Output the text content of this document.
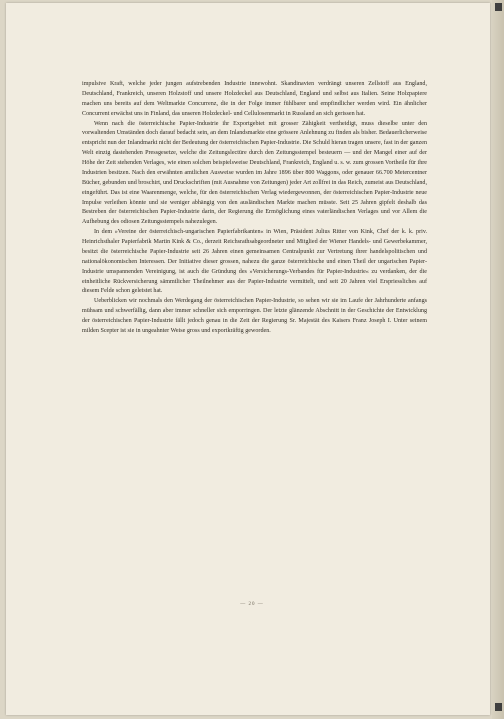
impulsive Kraft, welche jeder jungen aufstrebenden Industrie innewohnt. Skandinavien verdrängt unseren Zellstoff aus England, Deutschland, Frankreich, unseren Holzstoff und unsere Holzdeckel aus Deutschland, England und selbst aus Italien. Seine Holzpapiere machen uns bereits auf dem Weltmarkte Concurrenz, die in der Folge immer fühlbarer und empfindlicher werden wird. Ein ähnlicher Concurrent erwächst uns in Finland, das unseren Holzdeckel- und Cellulosenmarkt in Russland an sich gerissen hat.

Wenn nach die österreichische Papier-Industrie ihr Exportgebiet mit grosser Zähigkeit vertheidigt, muss dieselbe unter den vorwaltenden Umständen doch darauf bedacht sein, an dem Inlandsmarkte eine grössere Anlehnung zu finden als bisher. Bedauerlicherweise entspricht nun der Inlandmarkt nicht der Bedeutung der österreichischen Papier-Industrie. Die Schuld hieran tragen unsere, fast in der ganzen Welt einzig dastehenden Pressgesetze, welche die Zeitungslectüre durch den Zeitungsstempel besteuern — und der Mangel einer auf der Höhe der Zeit stehenden Verlages, wie einen solchen beispielsweise Deutschland, Frankreich, England u. s. w. zum grossen Vortheile für ihre Industrien besitzen. Nach den erwähnten amtlichen Ausweise wurden im Jahre 1896 über 800 Waggons, oder genauer 66.700 Metercentner Bücher, gebunden und broschirt, und Druckschriften (mit Ausnahme von Zeitungen) jeder Art zollfrei in das Reich, zumeist aus Deutschland, eingeführt. Das ist eine Waarenmenge, welche, für den österreichischen Verlag wiedergewonnen, der österreichischen Papier-Industrie neue Impulse verleihen könnte und sie weniger abhängig von den ausländischen Markte machen müsste. Seit 25 Jahren gipfelt deshalb das Bestreben der österreichischen Papier-Industrie darin, der Regierung die Ermöglichung eines vaterländischen Verlages und vor Allem die Aufhebung des odiosen Zeitungsstempels nahezulegen.

In dem »Vereine der österreichisch-ungarischen Papierfabrikanten« in Wien, Präsident Julius Ritter von Kink, Chef der k. k. priv. Heinrichsthaler Papierfabrik Martin Kink & Co., derzeit Reichsrathsabgeordneter und Mitglied der Wiener Handels- und Gewerbekammer, besitzt die österreichische Papier-Industrie seit 26 Jahren einen gemeinsamen Centralpunkt zur Vertretung ihrer handelspolitischen und nationalökonomischen Interessen. Der Initiative dieser grossen, nahezu die ganze österreichische und einen Theil der ungarischen Papier-Industrie umspannenden Vereinigung, ist auch die Gründung des »Versicherungs-Verbandes für Papier-Industrie« zu verdanken, der die einheitliche Rückversicherung sämmtlicher Theilnehmer aus der Papier-Industrie vermittelt, und seit 20 Jahren viel Erspriessliches auf diesem Felde schon geleistet hat.

Ueberblicken wir nochmals den Werdegang der österreichischen Papier-Industrie, so sehen wir sie im Laufe der Jahrhunderte anfangs mühsam und schwerfällig, dann aber immer schneller sich emporringen. Der letzte glänzende Abschnitt in der Geschichte der Entwicklung der österreichischen Papier-Industrie fällt jedoch genau in die Zeit der Regierung Sr. Majestät des Kaisers Franz Joseph I. Unter seinem milden Scepter ist sie in ungeahnter Weise gross und exportkräftig geworden.

— 20 —
